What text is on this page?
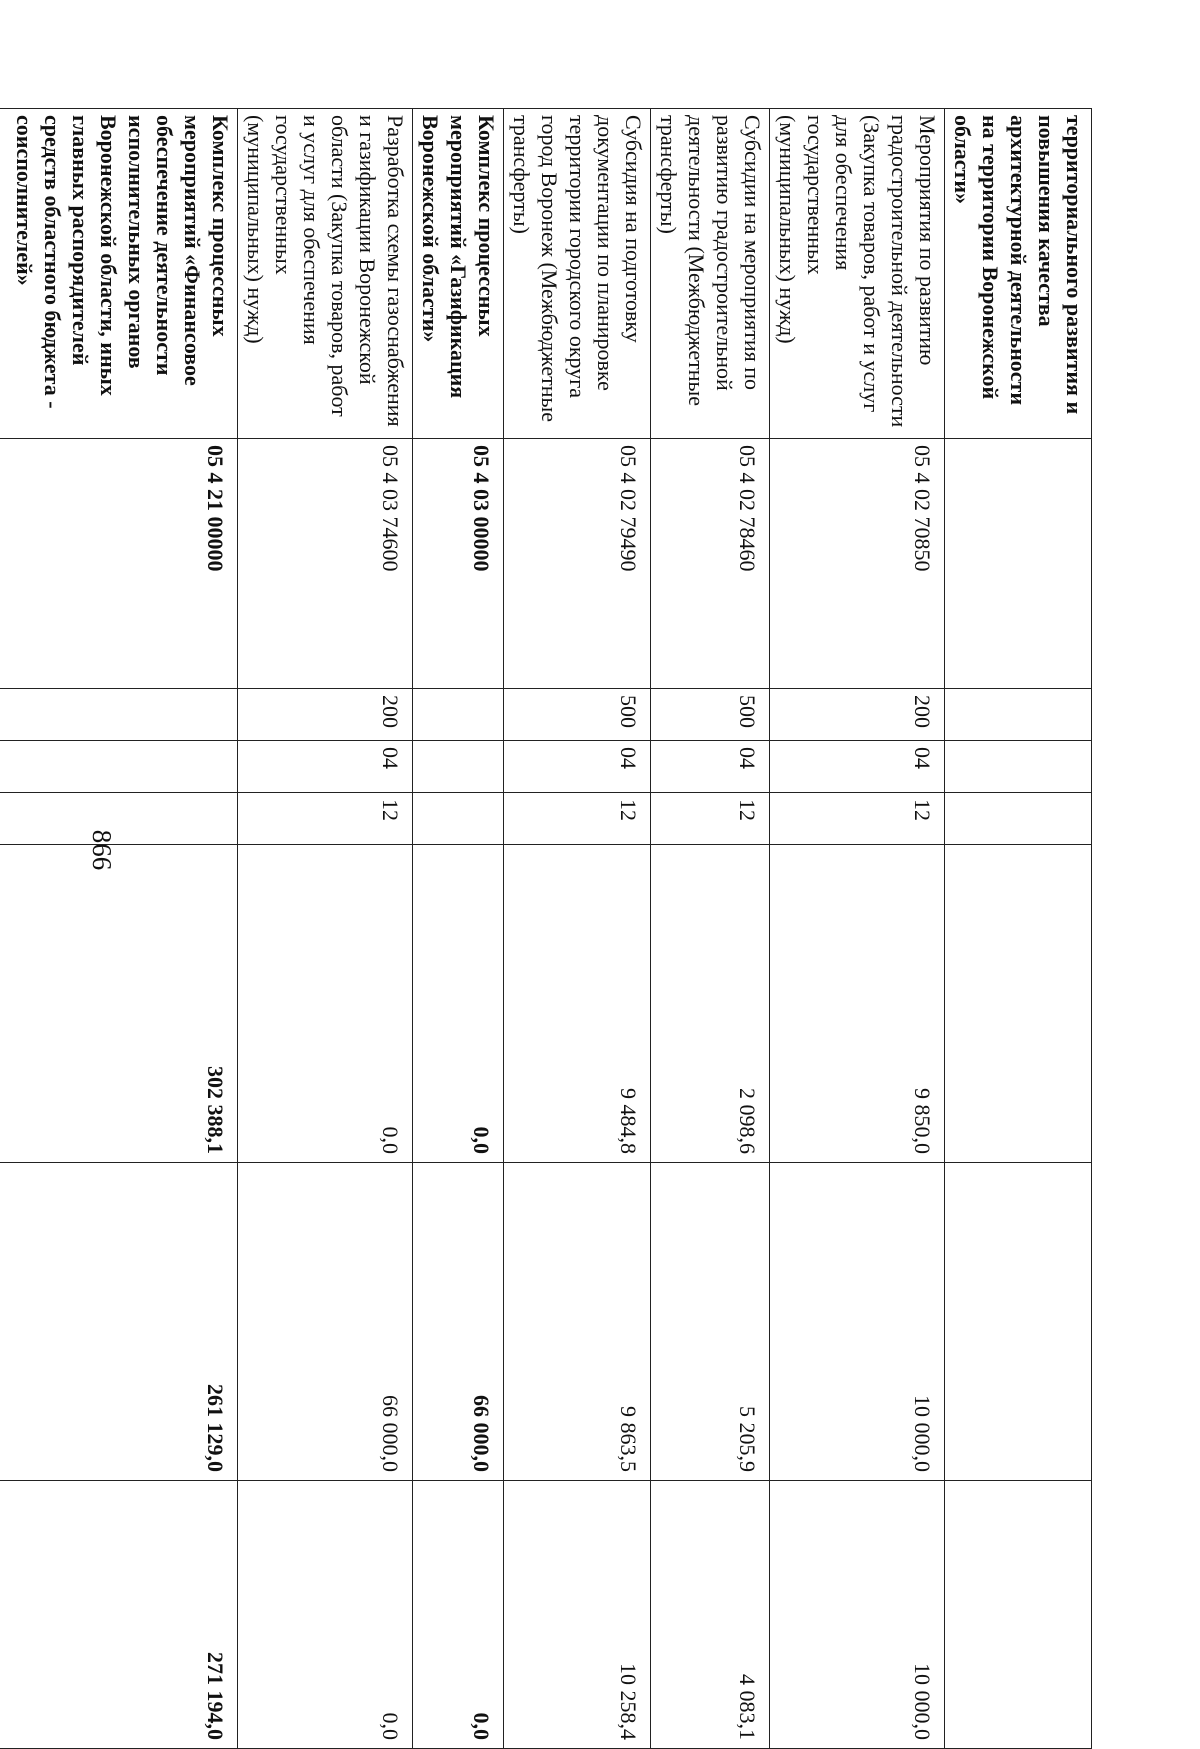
866
территориального развития и повышения качества архитектурной деятельности на территории Воронежской области»							
Мероприятия по развитию градостроительной деятельности (Закупка товаров, работ и услуг для обеспечения государственных (муниципальных) нужд)	05 4 02 70850	200	04	12	9 850,0	10 000,0	10 000,0
Субсидии на мероприятия по развитию градостроительной деятельности (Межбюджетные трансферты)	05 4 02 78460	500	04	12	2 098,6	5 205,9	4 083,1
Субсидия на подготовку документации по планировке территории городского округа город Воронеж (Межбюджетные трансферты)	05 4 02 79490	500	04	12	9 484,8	9 863,5	10 258,4
Комплекс процессных мероприятий «Газификация Воронежской области»	05 4 03 00000				0,0	66 000,0	0,0
Разработка схемы газоснабжения и газификации Воронежской области (Закупка товаров, работ и услуг для обеспечения государственных (муниципальных) нужд)	05 4 03 74600	200	04	12	0,0	66 000,0	0,0
Комплекс процессных мероприятий «Финансовое обеспечение деятельности исполнительных органов Воронежской области, иных главных распорядителей средств областного бюджета - соисполнителей»	05 4 21 00000				302 388,1	261 129,0	271 194,0
